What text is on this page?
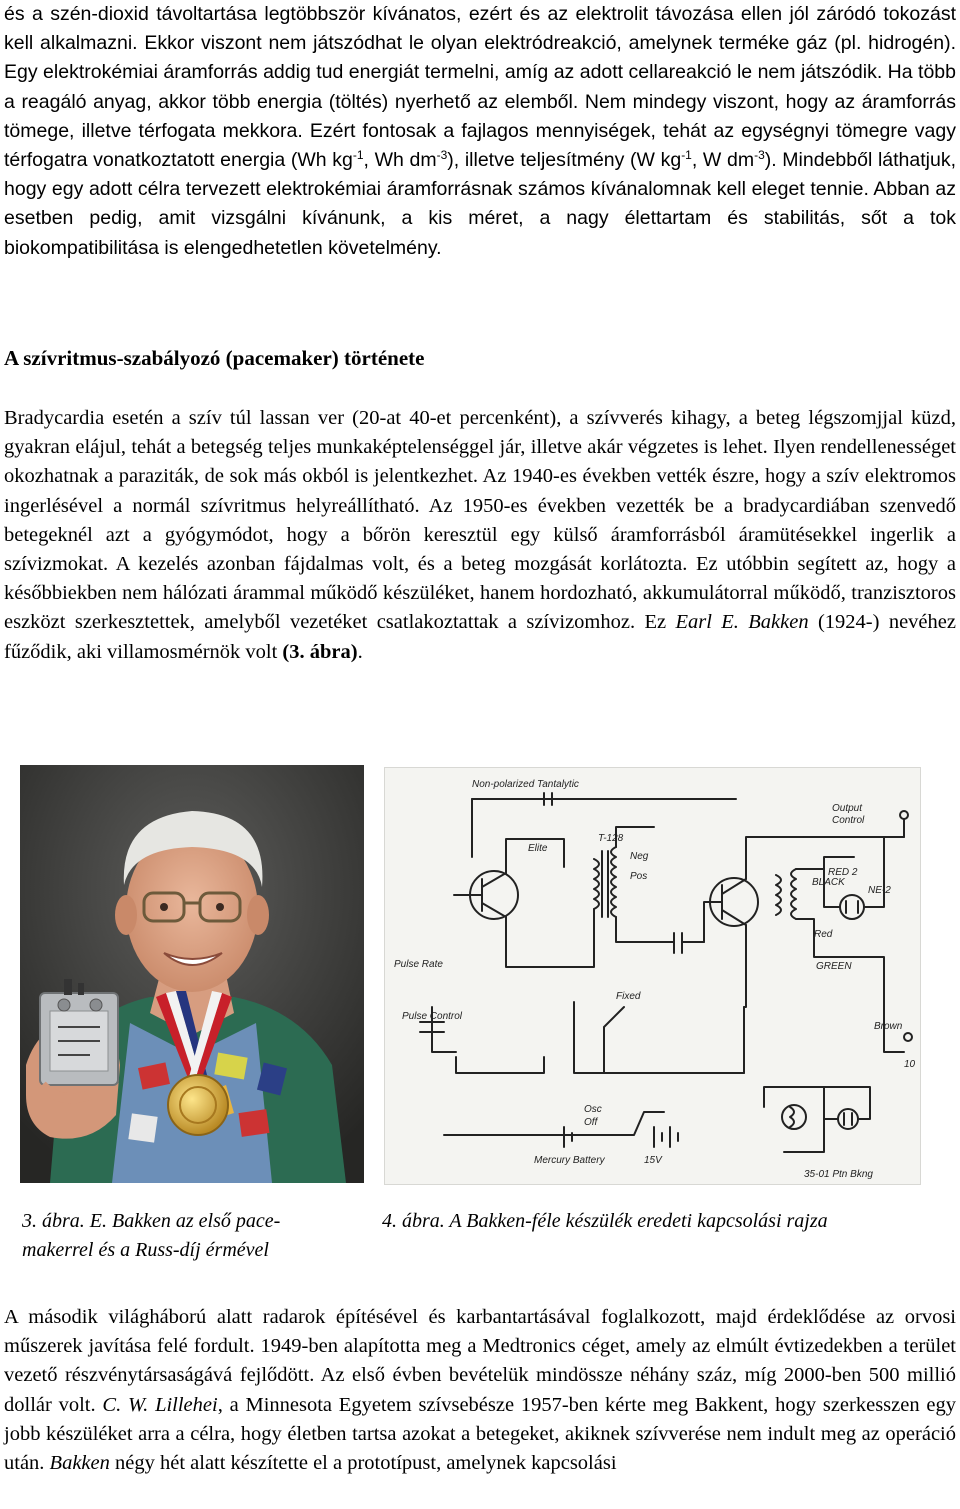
és a szén-dioxid távoltartása legtöbbször kívánatos, ezért és az elektrolit távozása ellen jól záródó tokozást kell alkalmazni. Ekkor viszont nem játszódhat le olyan elektródreakció, amelynek terméke gáz (pl. hidrogén). Egy elektrokémiai áramforrás addig tud energiát termelni, amíg az adott cellareakció le nem játszódik. Ha több a reagáló anyag, akkor több energia (töltés) nyerhető az elemből. Nem mindegy viszont, hogy az áramforrás tömege, illetve térfogata mekkora. Ezért fontosak a fajlagos mennyiségek, tehát az egységnyi tömegre vagy térfogatra vonatkoztatott energia (Wh $kg^{-1}$, Wh $dm^{-3}$), illetve teljesítmény (W $kg^{-1}$, W $dm^{-3}$). Mindebből láthatjuk, hogy egy adott célra tervezett elektrokémiai áramforrásnak számos kívánalomnak kell eleget tennie. Abban az esetben pedig, amit vizsgálni kívánunk, a kis méret, a nagy élettartam és stabilitás, sőt a tok biokompatibilitása is elengedhetetlen követelmény.

A szívritmus-szabályozó (pacemaker) története

Bradycardia esetén a szív túl lassan ver (20-at 40-et percenként), a szívverés kihagy, a beteg légszomjjal küzd, gyakran elájul, tehát a betegség teljes munkaképtelenséggel jár, illetve akár végzetes is lehet. Ilyen rendellenességet okozhatnak a paraziták, de sok más okból is jelentkezhet. Az 1940-es években vették észre, hogy a szív elektromos ingerlésével a normál szívritmus helyreállítható. Az 1950-es években vezették be a bradycardiában szenvedő betegeknél azt a gyógymódot, hogy a bőrön keresztül egy külső áramforrásból áramütésekkel ingerlik a szívizmokat. A kezelés azonban fájdalmas volt, és a beteg mozgását korlátozta. Ez utóbbin segített az, hogy a későbbiekben nem hálózati árammal működő készüléket, hanem hordozható, akkumulátorral működő, tranzisztoros eszközt szerkesztettek, amelyből vezetéket csatlakoztattak a szívizomhoz. Ez Earl E. Bakken (1924-) nevéhez fűződik, aki villamosmérnök volt (3. ábra).

Non-polarized Tantalytic
Output
Control
Elite
T-128
Neg
Pos
BLACK
RED 2
NE-2
Red
GREEN
Pulse Control
Pulse Rate
Fixed
15V
Osc
Off
Mercury Battery
10
Brown
35-01 Ptn Bkng

3. ábra. E. Bakken az első pace-
makerrel és a Russ-díj érmével

4. ábra. A Bakken-féle készülék eredeti kapcsolási rajza

A második világháború alatt radarok építésével és karbantartásával foglalkozott, majd érdeklődése az orvosi műszerek javítása felé fordult. 1949-ben alapította meg a Medtronics céget, amely az elmúlt évtizedekben a terület vezető részvénytársaságává fejlődött. Az első évben bevételük mindössze néhány száz, míg 2000-ben 500 millió dollár volt. C. W. Lillehei, a Minnesota Egyetem szívsebésze 1957-ben kérte meg Bakkent, hogy szerkesszen egy jobb készüléket arra a célra, hogy életben tartsa azokat a betegeket, akiknek szívverése nem indult meg az operáció után. Bakken négy hét alatt készítette el a prototípust, amelynek kapcsolási
